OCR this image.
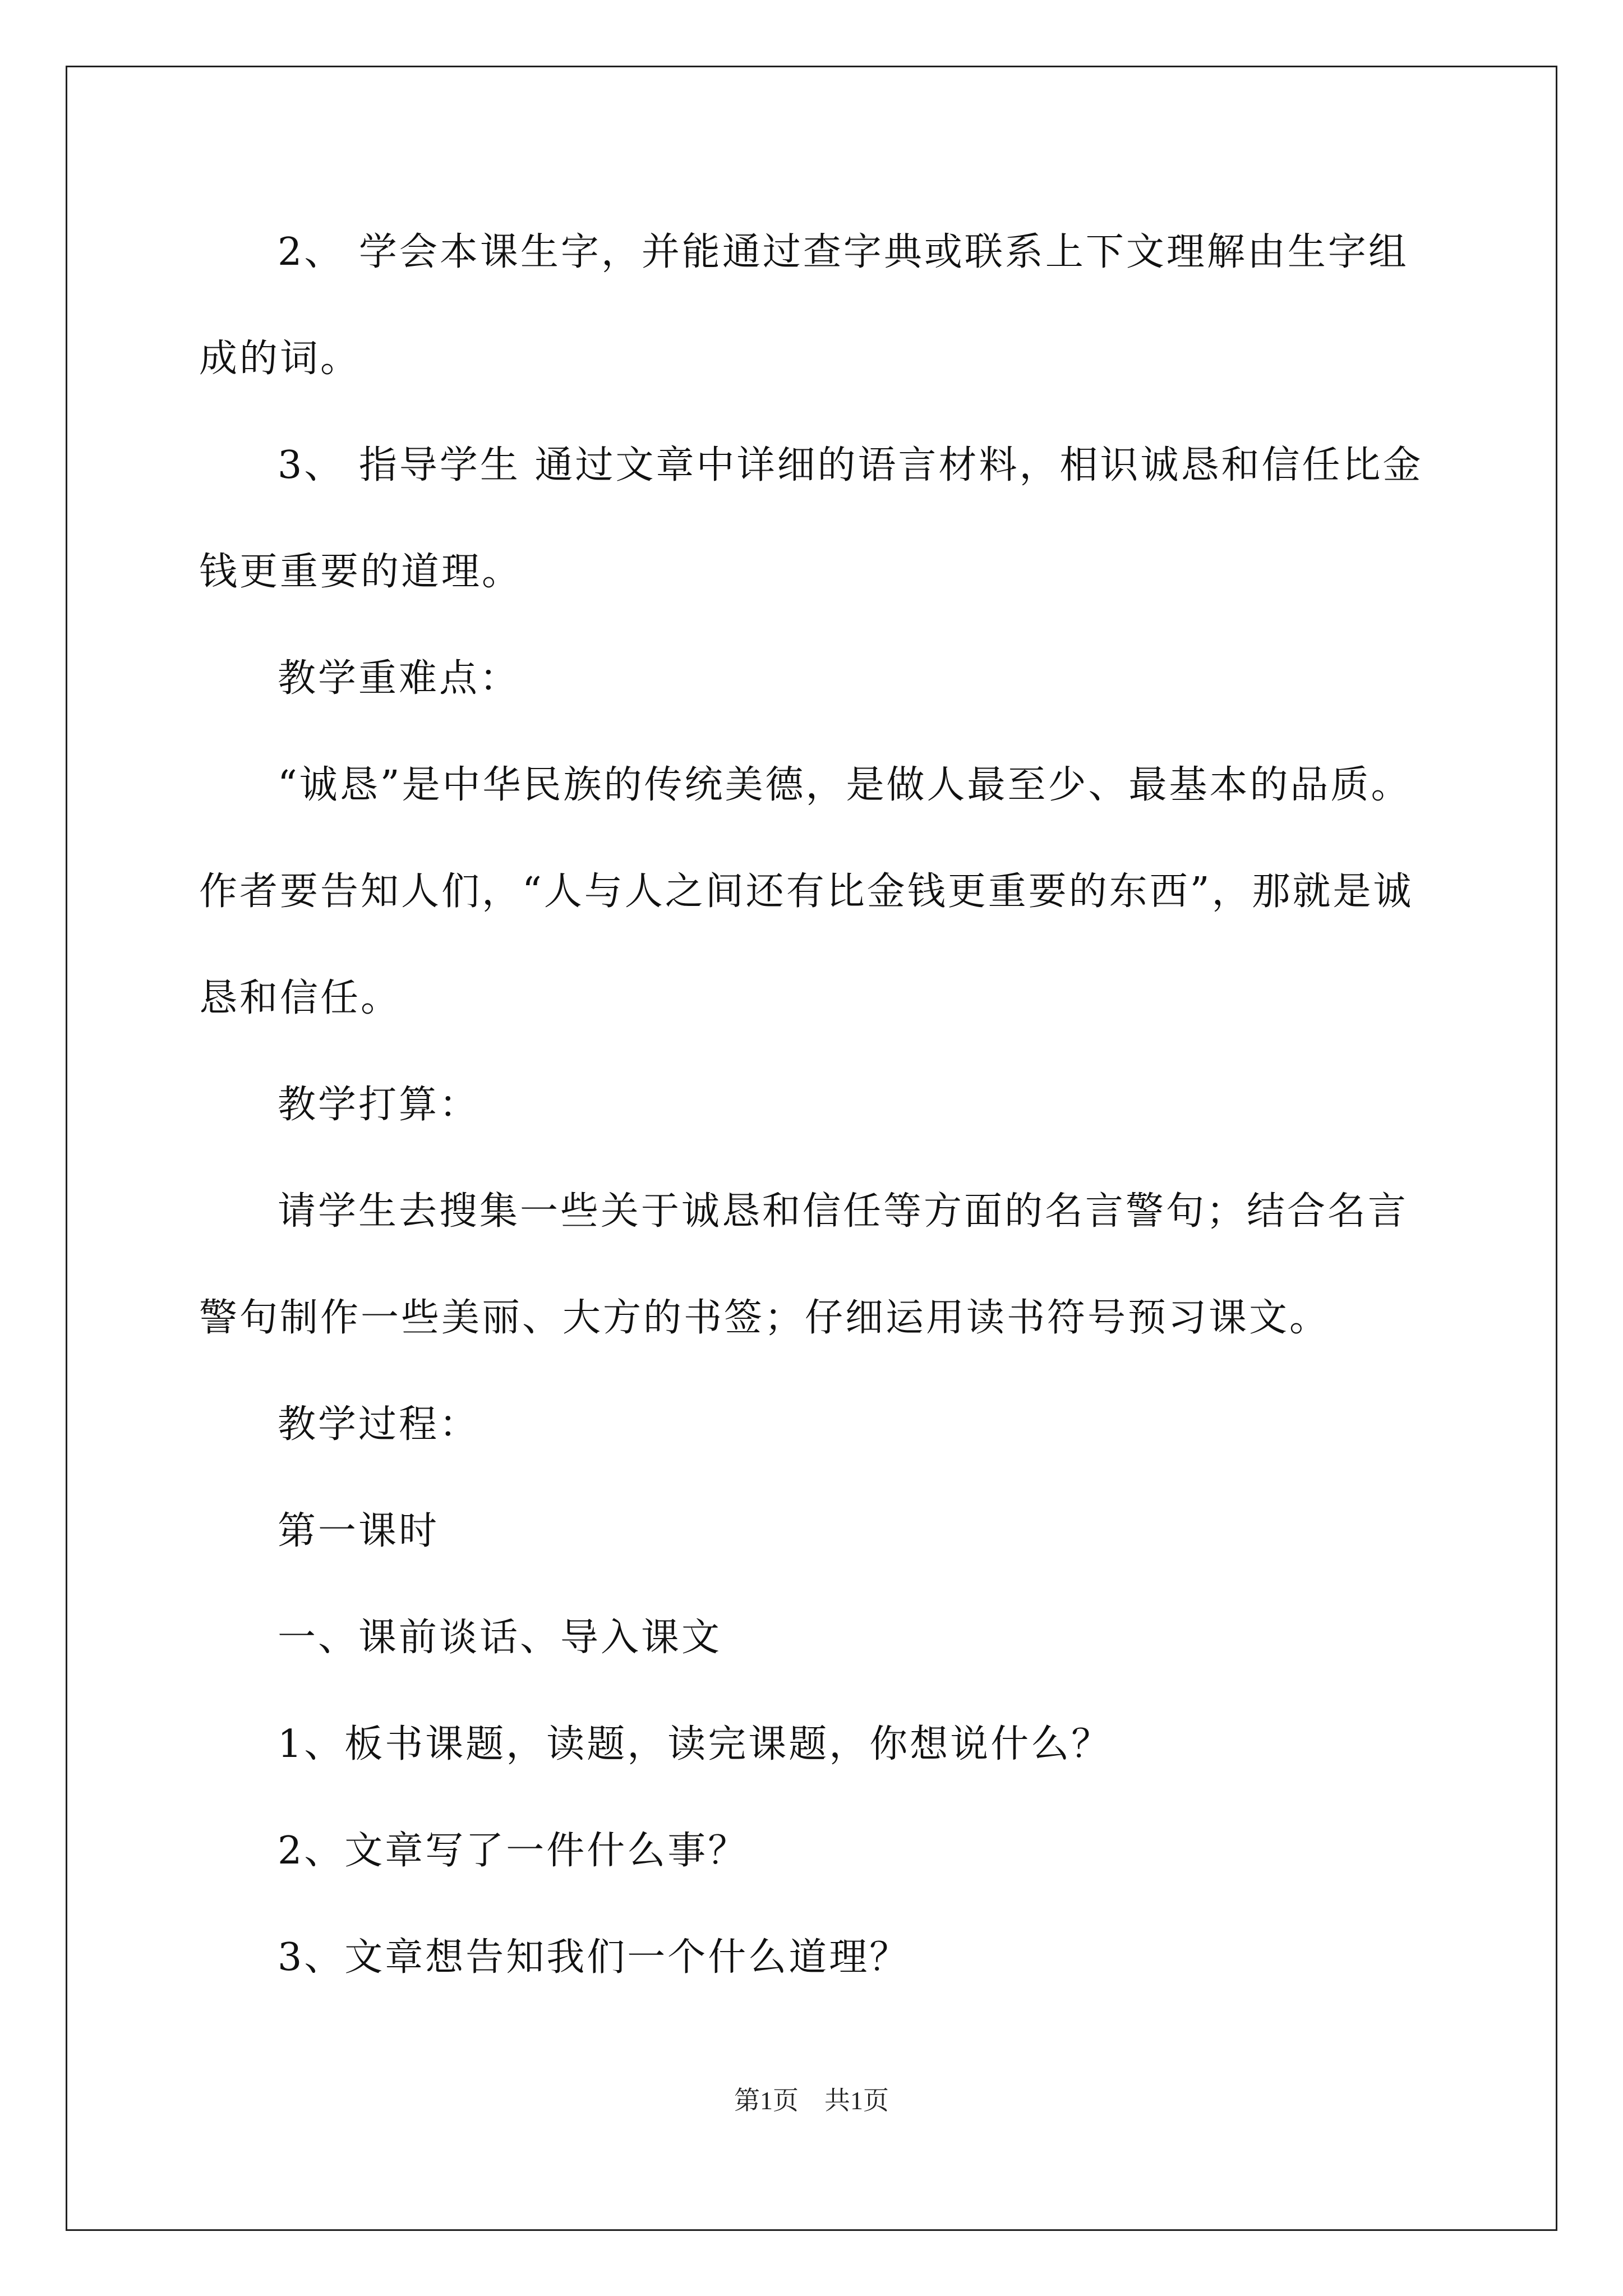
2、 学会本课生字，并能通过查字典或联系上下文理解由生字组
成的词。
3、 指导学生 通过文章中详细的语言材料，相识诚恳和信任比金
钱更重要的道理。
教学重难点：
“诚恳”是中华民族的传统美德，是做人最至少、最基本的品质。
作者要告知人们，“人与人之间还有比金钱更重要的东西”，那就是诚
恳和信任。
教学打算：
请学生去搜集一些关于诚恳和信任等方面的名言警句；结合名言
警句制作一些美丽、大方的书签；仔细运用读书符号预习课文。
教学过程：
第一课时
一、课前谈话、导入课文
1、板书课题，读题，读完课题，你想说什么？
2、文章写了一件什么事？
3、文章想告知我们一个什么道理？
第1页　共1页
